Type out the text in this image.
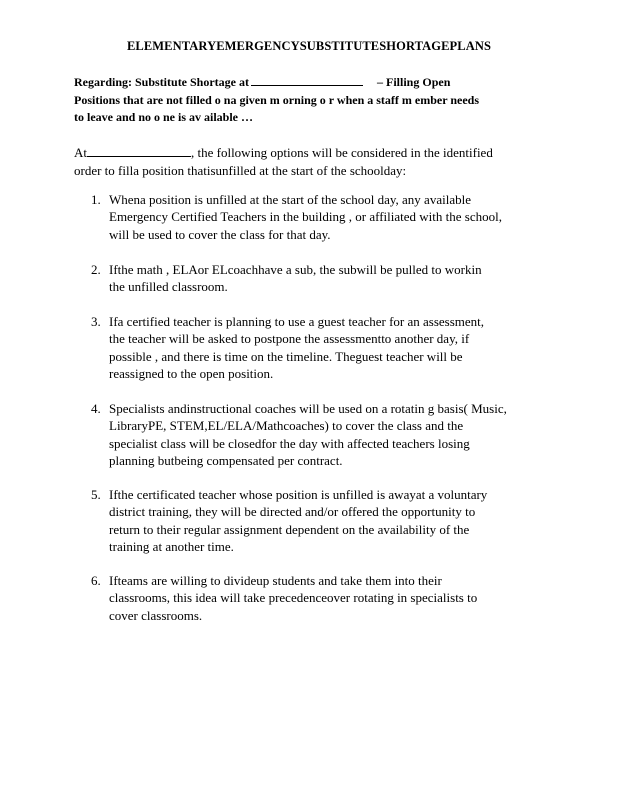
ELEMENTARYEMERGENCYSUBSTITUTESHORTAGEPLANS
Regarding: Substitute Shortage at	– Filling Open
Positions that are not filled o na given m orning o r when a staff m ember needs
to leave and no o ne is av ailable …
At	, the following options will be considered in the identified
order to filla position thatisunfilled at the start of the schoolday:
1. Whena position is unfilled at the start of the school day, any available
Emergency Certified Teachers in the building , or affiliated with the school,
will be used to cover the class for that day.
2. Ifthe math , ELAor ELcoachhave a sub, the subwill be pulled to workin
the unfilled classroom.
3. Ifa certified teacher is planning to use a guest teacher for an assessment,
the teacher will be asked to postpone the assessmentto another day, if
possible , and there is time on the timeline. Theguest teacher will be
reassigned to the open position.
4. Specialists andinstructional coaches will be used on a rotatin g basis( Music,
LibraryPE, STEM,EL/ELA/Mathcoaches) to cover the class and the
specialist class will be closedfor the day with affected teachers losing
planning butbeing compensated per contract.
5. Ifthe certificated teacher whose position is unfilled is awayat a voluntary
district training, they will be directed and/or offered the opportunity to
return to their regular assignment dependent on the availability of the
training at another time.
6. Ifteams are willing to divideup students and take them into their
classrooms, this idea will take precedenceover rotating in specialists to
cover classrooms.
